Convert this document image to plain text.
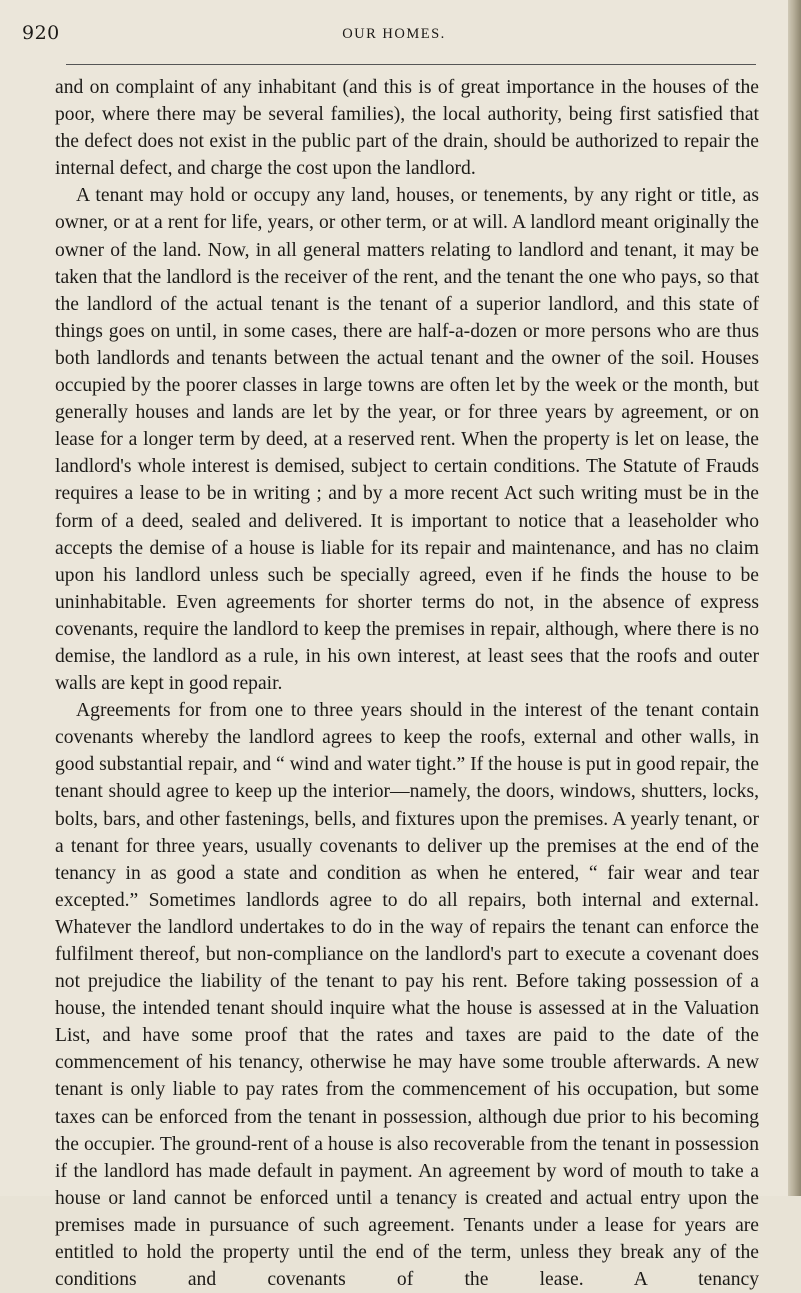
920	OUR HOMES.

and on complaint of any inhabitant (and this is of great importance in the houses of the poor, where there may be several families), the local authority, being first satisfied that the defect does not exist in the public part of the drain, should be authorized to repair the internal defect, and charge the cost upon the landlord.

A tenant may hold or occupy any land, houses, or tenements, by any right or title, as owner, or at a rent for life, years, or other term, or at will. A landlord meant originally the owner of the land. Now, in all general matters relating to landlord and tenant, it may be taken that the landlord is the receiver of the rent, and the tenant the one who pays, so that the landlord of the actual tenant is the tenant of a superior landlord, and this state of things goes on until, in some cases, there are half-a-dozen or more persons who are thus both landlords and tenants between the actual tenant and the owner of the soil. Houses occupied by the poorer classes in large towns are often let by the week or the month, but generally houses and lands are let by the year, or for three years by agreement, or on lease for a longer term by deed, at a reserved rent. When the property is let on lease, the landlord's whole interest is demised, subject to certain conditions. The Statute of Frauds requires a lease to be in writing ; and by a more recent Act such writing must be in the form of a deed, sealed and delivered. It is important to notice that a leaseholder who accepts the demise of a house is liable for its repair and maintenance, and has no claim upon his landlord unless such be specially agreed, even if he finds the house to be uninhabitable. Even agreements for shorter terms do not, in the absence of express covenants, require the landlord to keep the premises in repair, although, where there is no demise, the landlord as a rule, in his own interest, at least sees that the roofs and outer walls are kept in good repair.

Agreements for from one to three years should in the interest of the tenant contain covenants whereby the landlord agrees to keep the roofs, external and other walls, in good substantial repair, and “ wind and water tight.” If the house is put in good repair, the tenant should agree to keep up the interior—namely, the doors, windows, shutters, locks, bolts, bars, and other fastenings, bells, and fixtures upon the premises. A yearly tenant, or a tenant for three years, usually covenants to deliver up the premises at the end of the tenancy in as good a state and condition as when he entered, “ fair wear and tear excepted.” Sometimes landlords agree to do all repairs, both internal and external. Whatever the landlord undertakes to do in the way of repairs the tenant can enforce the fulfilment thereof, but non-compliance on the landlord's part to execute a covenant does not prejudice the liability of the tenant to pay his rent. Before taking possession of a house, the intended tenant should inquire what the house is assessed at in the Valuation List, and have some proof that the rates and taxes are paid to the date of the commencement of his tenancy, otherwise he may have some trouble afterwards. A new tenant is only liable to pay rates from the commencement of his occupation, but some taxes can be enforced from the tenant in possession, although due prior to his becoming the occupier. The ground-rent of a house is also recoverable from the tenant in possession if the landlord has made default in payment. An agreement by word of mouth to take a house or land cannot be enforced until a tenancy is created and actual entry upon the premises made in pursuance of such agreement. Tenants under a lease for years are entitled to hold the property until the end of the term, unless they break any of the conditions and covenants of the lease. A tenancy
